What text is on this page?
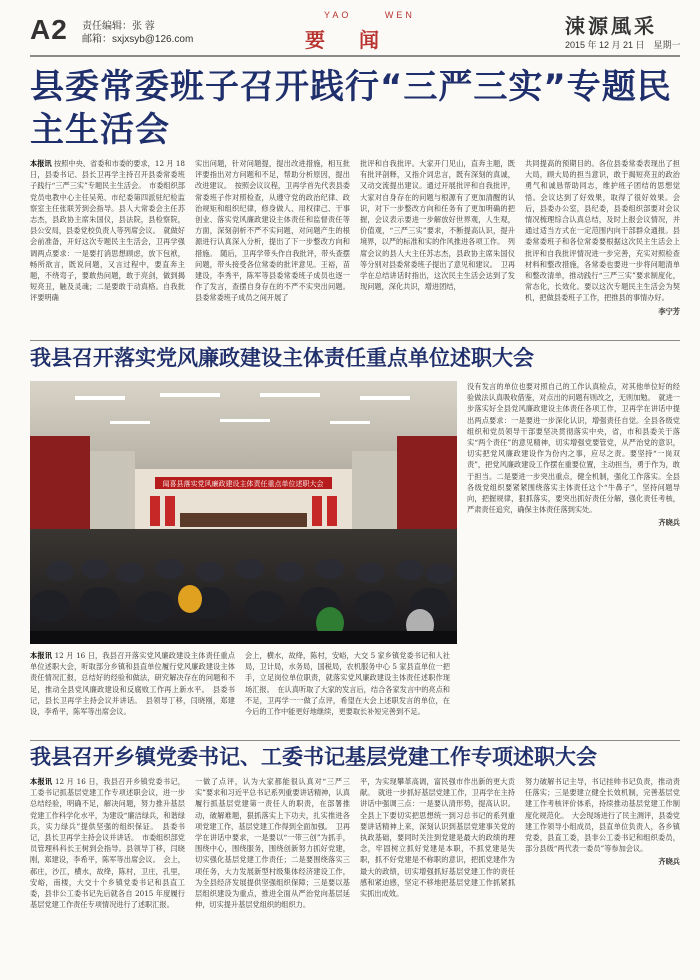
A2 责任编辑：张 蓉
邮箱：sxjxsyb@126.com
YAO	WEN
要闻
涑源風采
2015 年 12 月 21 日　星期一
县委常委班子召开践行“三严三实”专题民主生活会
本报讯 按照中央、省委和市委的要求，12 月 18 日，县委书记、县长卫再学主持召开县委常委班子践行“三严三实”专题民主生活会。　市委组织部党员电教中心主任吴苑、市纪委第四派驻纪检监察室主任张联芳到会指导。县人大常委会主任苏志杰，县政协主席朱国仪，县法院，县检察院，县公安局，县委党校负责人等列席会议。　就做好会前准备，开好这次专题民主生活会，卫再学强调两点要求：一是要打消思想顾虑，放下包袱，畅所欲言，既说问题，又言过程中，要直奔主题，不绕弯子，要敢热问题，敢于亮剑，做到揭短亮丑，触及灵魂；二是要敢于动真格。自我批评要明确
实出问题，针对问题提，提出改进措施，相互批评要指出对方问题和不足，帮助分析原因，提出改进建议。　按照会议议程，卫再学首先代表县委常委班子作对照检查，从遵守党的政治纪律、政治规矩和组织纪律，修身做人、用权律己、干事创业、落实党风廉政建设主体责任和监督责任等方面，深刻剖析不严不实问题，对问题产生的根源进行认真深入分析，提出了下一步整改方向和措施。　随后，卫再学带头作自我批评，带头查摆问题，带头接受各位常委的批评意见。王裕，苗建设，李秀平，陈军等县委常委班子成员也逐一作了发言，查摆自身存在的不严不实突出问题。县委常委班子成员之间开展了
批评和自我批评。大家开门见山，直奔主题，既有批评剖释，又指介词忠言，既有深刻的真诚，又动交流提出建议。通过开展批评和自我批评，大家对自身存在的问题与根源有了更加清醒的认识，对下一步整改方向和任务有了更加明确的把握，会议表示要进一步解放好世界观，人生观，价值观，“三严三实”要求，不断提高认识，提升境界，以严的标准和实的作风推进各项工作。　列席会议的县人大主任苏志杰，县政协主席朱国仪等分别对县委常委班子提出了意见和建议。　卫再学在总结讲话时指出，这次民主生活会达到了发现问题，深化共识，增进团结，
共同提高的预期目的。各位县委常委表现出了担大局，顾大局的担当意识，敢于揭短亮丑的政治勇气和诚恳帮助同志，维护班子团结的思想觉悟。会议达到了好效果，取得了很好效果。会后，县委办公室，县纪委，县委组织部要对会议情况梳理综合认真总结，及时上报会议情况，并通过适当方式在一定范围内向干部群众通报。县委常委班子和各位常委要根据这次民主生活会上批评和自我批评情况进一步完善，充实对照检查材料和整改措施，各常委也要进一步将问题清单和整改清单，推动践行“三严三实”要求制度化，常态化，长效化。要以这次专题民主生活会为契机，把做县委班子工作，把推县的事情办好。
李宁芳
我县召开落实党风廉政建设主体责任重点单位述职大会
闻喜县落实党风廉政建设主体责任重点单位述职大会
本报讯 12 月 16 日，我县召开落实党风廉政建设主体责任重点单位述职大会，听取部分乡镇和县直单位履行党风廉政建设主体责任情况汇报，总结好的经验和做法，研究解决存在的问题和不足，推动全县党风廉政建设和反腐败工作再上新水平。　县委书记，县长卫再学主持会议并讲话。　县领导丁移，闫晓刚，郑建设，李希平，陈军等出席会议。
会上，横水，故绛，陈村，安峪，大交 5 家乡镇党委书记和人社局，卫计局，水务局，国税局，农机服务中心 5 家县直单位一把手，立足岗位单位职责，就落实党风廉政建设主体责任述职作现场汇报。　在认真听取了大家的发言后，结合各家发言中的亮点和不足，卫再学一一做了点评，希望在大会上述职发言的单位，在今后的工作中能更好地继续，更要取长补短完善到不足。
没有发言的单位也要对照自己的工作认真检点，对其他单位好的经验做法认真吸收借鉴，对点出的问题有则改之，无则加勉。　就进一步落实好全县党风廉政建设主体责任各项工作，卫再学在讲话中提出两点要求：一是要进一步深化认识，增强责任自觉。全县各级党组织和党员领导干部要坚决贯彻落实中央，省，市和县委关于落实“两个责任”的意见精神，切实增强党要管党，从严治党的意识，切实把党风廉政建设作为份内之事，应尽之责。要坚持“一岗双责”，把党风廉政建设工作摆在重要位置，主动担当，勇于作为，敢于担当。二是要进一步突出重点，健全机制，强化工作落实。全县各级党组织要紧紧围绕落实主体责任这个“牛鼻子”，坚持问题导向，把握规律，狠抓落实，要突出抓好责任分解，强化责任考核，严肃责任追究，确保主体责任落到实处。
齐晓兵
我县召开乡镇党委书记、工委书记基层党建工作专项述职大会
本报讯 12 月 16 日，我县召开乡镇党委书记，工委书记抓基层党建工作专项述职会议，进一步总结经验，明确不足，解决问题，努力推升基层党建工作科学化水平，为建设“廉洁绿兵，和谐绿兵，实力绿兵”提供坚强的组织保证。　县委书记，县长卫再学主持会议并讲话。　市委组织部党员管理科科长王树到会指导。县领导丁移，闫晓刚，郑建设，李希平，陈军等出席会议。　会上，郝庄，沙江，横水，故绛，陈村，卫庄，孔里，安峪，南楼，大交十个乡镇党委书记和县直工委，县非公工委书记先后就各自 2015 年度履行基层党建工作责任专项情况进行了述职汇报。
一做了点评，认为大家都能很认真对“三严三实”要求和习近平总书记系列重要讲话精神，认真履行抓基层党建第一责任人的职责，在部署推动，破解难题，狠抓落实上下功夫，扎实推进各项党建工作，基层党建工作得到全面加强。　卫再学在讲话中要求，一是要以“一带三创”为抓手，围绕中心，围绕服务，围绕创新努力抓好党建，切实强化基层党建工作责任；二是要围绕落实三项任务，大力发展新型村级集体经济建设工作，为全县经济发展提供坚强组织保障；三是要以基层组织建设为重点，推进全面从严治党向基层延伸，切实提升基层党组织的组织力。
平，为实现攀革高调，富民强市作出新的更大贡献。　就进一步抓好基层党建工作，卫再学在主持讲话中强调三点：一是要认清形势，提高认识。全县上下要切实把思想统一到习总书记的系列重要讲话精神上来，深刻认识到基层党建事关党的执政基础，要同时关注到党建是最大的政绩的理念，牢固树立抓好党建是本职，不抓党建是失职，抓不好党建是不称职的意识，把抓党建作为最大的政绩，切实增强抓好基层党建工作的责任感和紧迫感，坚定不移地把基层党建工作抓紧抓实抓出成效。
努力破解书记主导，书记挂帅书记负责，推动责任落实；三是要建立健全长效机制，完善基层党建工作考核评价体系，持续推动基层党建工作制度化规范化。　大会现场进行了民主测评，县委党建工作领导小组成员，县直单位负责人，各乡镇党委，县直工委，县非公工委书记和组织委员，部分县级“两代表一委员”等参加会议。
齐晓兵
